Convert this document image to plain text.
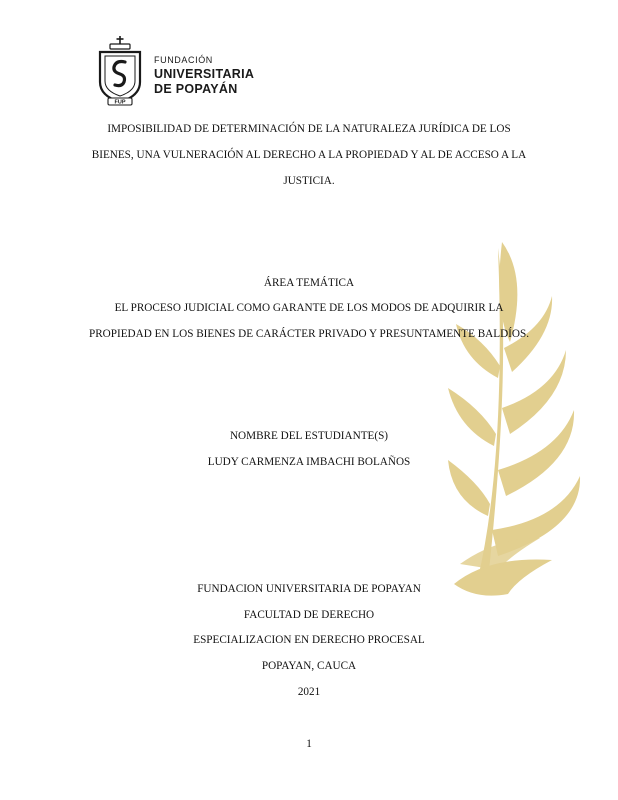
FUP
FUNDACIÓN
UNIVERSITARIA
DE POPAYÁN
IMPOSIBILIDAD DE DETERMINACIÓN DE LA NATURALEZA JURÍDICA DE LOS
BIENES, UNA VULNERACIÓN AL DERECHO A LA PROPIEDAD Y AL DE ACCESO A LA
JUSTICIA.
ÁREA TEMÁTICA
EL PROCESO JUDICIAL COMO GARANTE DE LOS MODOS DE ADQUIRIR LA
PROPIEDAD EN LOS BIENES DE CARÁCTER PRIVADO Y PRESUNTAMENTE BALDÍOS.
NOMBRE DEL ESTUDIANTE(S)
LUDY CARMENZA IMBACHI BOLAÑOS
FUNDACION UNIVERSITARIA DE POPAYAN
FACULTAD DE DERECHO
ESPECIALIZACION EN DERECHO PROCESAL
POPAYAN, CAUCA
2021
1
